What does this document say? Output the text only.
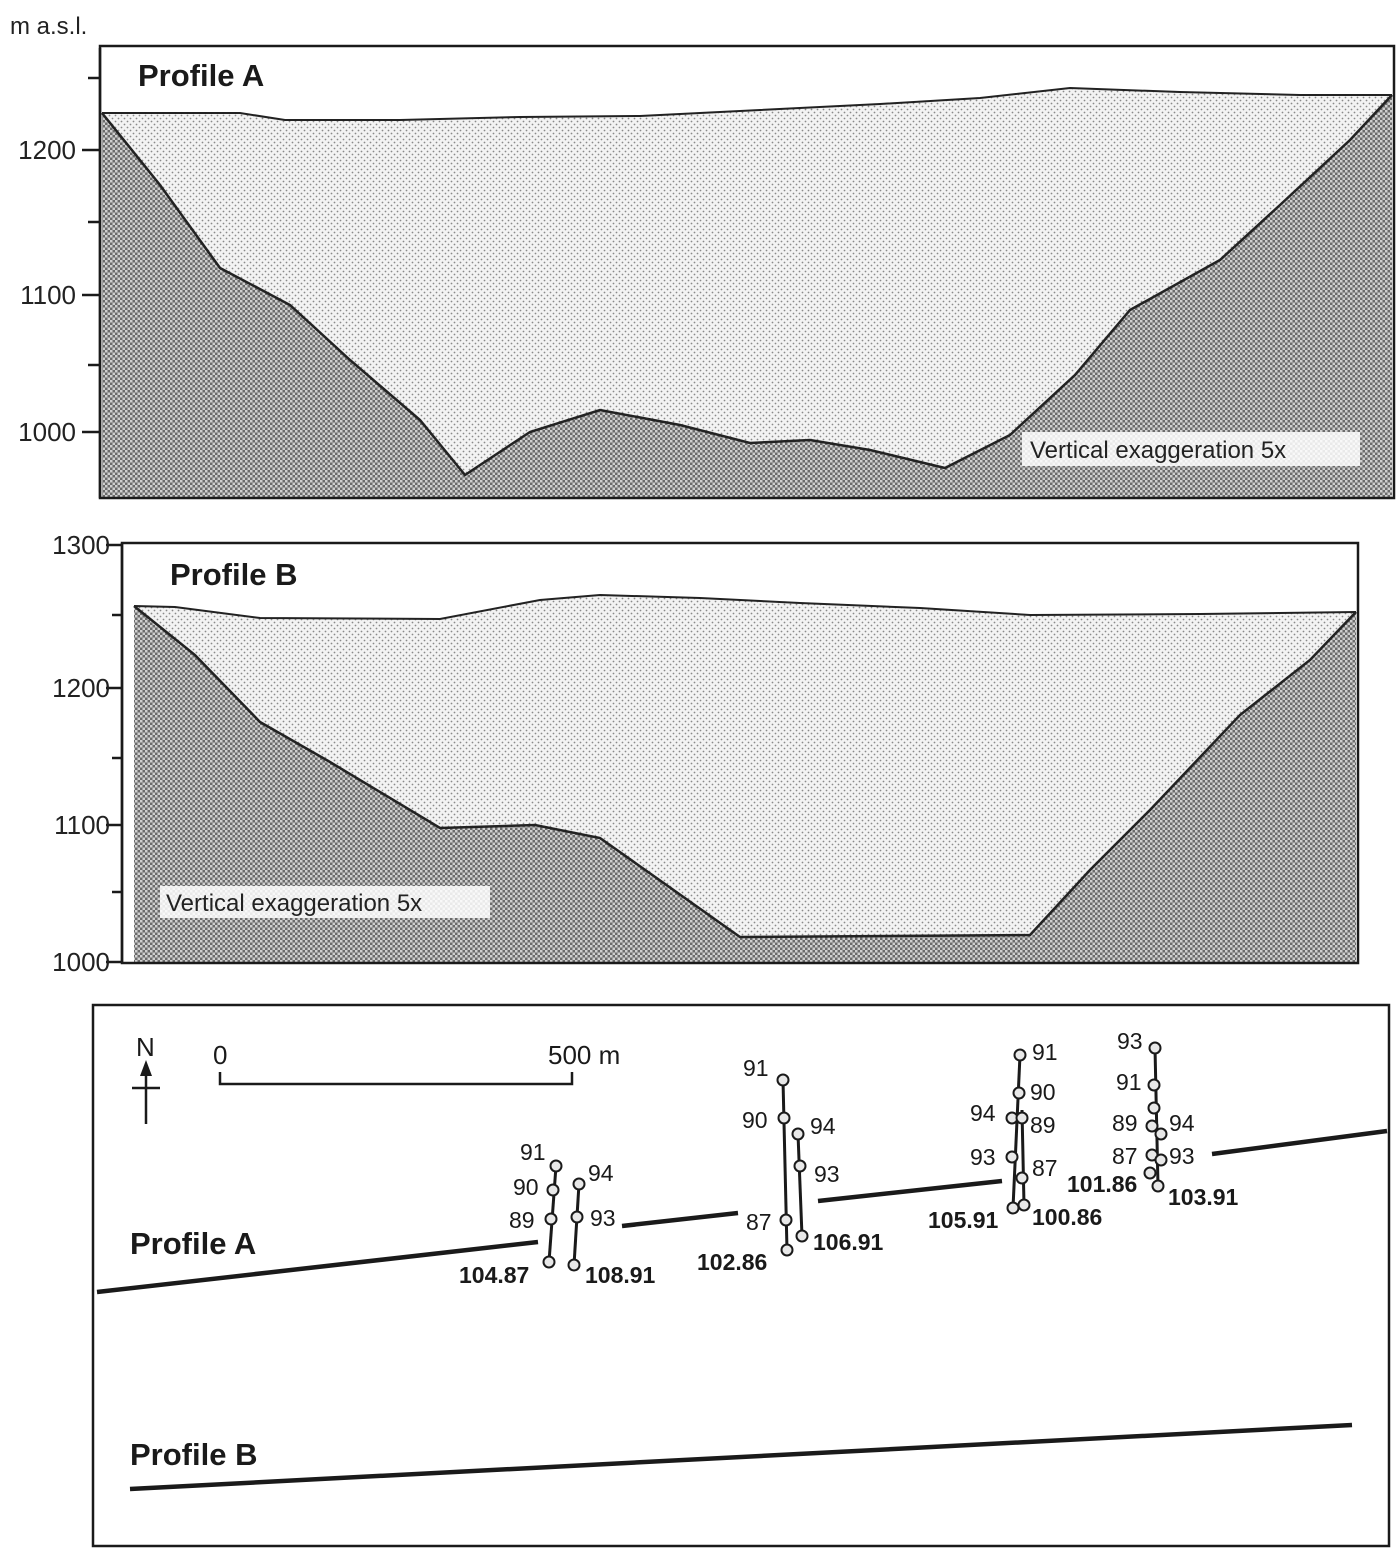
m a.s.l.
1200
1100
1000
Profile A
Vertical exaggeration 5x
1300
1200
1100
1000
Profile B
Vertical exaggeration 5x
N 0	500 m
Profile A
Profile B
91
90
89
94
93
104.87 108.91
91
90 94
93
87
102.86
106.91
91
90
94 89
93 87
105.91 100.86
93
91
89 94
87 93
101.86 103.91
